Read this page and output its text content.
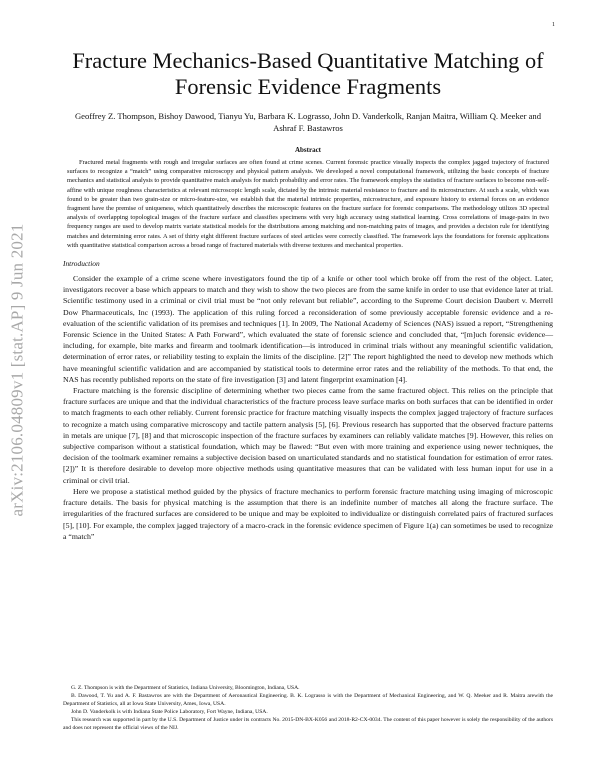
1
arXiv:2106.04809v1 [stat.AP] 9 Jun 2021
Fracture Mechanics-Based Quantitative Matching of Forensic Evidence Fragments
Geoffrey Z. Thompson, Bishoy Dawood, Tianyu Yu, Barbara K. Lograsso, John D. Vanderkolk, Ranjan Maitra, William Q. Meeker and Ashraf F. Bastawros
Abstract
Fractured metal fragments with rough and irregular surfaces are often found at crime scenes. Current forensic practice visually inspects the complex jagged trajectory of fractured surfaces to recognize a “match” using comparative microscopy and physical pattern analysis. We developed a novel computational framework, utilizing the basic concepts of fracture mechanics and statistical analysis to provide quantitative match analysis for match probability and error rates. The framework employs the statistics of fracture surfaces to become non-self-affine with unique roughness characteristics at relevant microscopic length scale, dictated by the intrinsic material resistance to fracture and its microstructure. At such a scale, which was found to be greater than two grain-size or micro-feature-size, we establish that the material intrinsic properties, microstructure, and exposure history to external forces on an evidence fragment have the premise of uniqueness, which quantitatively describes the microscopic features on the fracture surface for forensic comparisons. The methodology utilizes 3D spectral analysis of overlapping topological images of the fracture surface and classifies specimens with very high accuracy using statistical learning. Cross correlations of image-pairs in two frequency ranges are used to develop matrix variate statistical models for the distributions among matching and non-matching pairs of images, and provides a decision rule for identifying matches and determining error rates. A set of thirty eight different fracture surfaces of steel articles were correctly classified. The framework lays the foundations for forensic applications with quantitative statistical comparison across a broad range of fractured materials with diverse textures and mechanical properties.
Introduction

Consider the example of a crime scene where investigators found the tip of a knife or other tool which broke off from the rest of the object. Later, investigators recover a base which appears to match and they wish to show the two pieces are from the same knife in order to use that evidence later at trial. Scientific testimony used in a criminal or civil trial must be “not only relevant but reliable”, according to the Supreme Court decision Daubert v. Merrell Dow Pharmaceuticals, Inc (1993). The application of this ruling forced a reconsideration of some previously acceptable forensic evidence and a re-evaluation of the scientific validation of its premises and techniques [1]. In 2009, The National Academy of Sciences (NAS) issued a report, “Strengthening Forensic Science in the United States: A Path Forward”, which evaluated the state of forensic science and concluded that, “[m]uch forensic evidence—including, for example, bite marks and firearm and toolmark identification—is introduced in criminal trials without any meaningful scientific validation, determination of error rates, or reliability testing to explain the limits of the discipline. [2]” The report highlighted the need to develop new methods which have meaningful scientific validation and are accompanied by statistical tools to determine error rates and the reliability of the methods. To that end, the NAS has recently published reports on the state of fire investigation [3] and latent fingerprint examination [4].

Fracture matching is the forensic discipline of determining whether two pieces came from the same fractured object. This relies on the principle that fracture surfaces are unique and that the individual characteristics of the fracture process leave surface marks on both surfaces that can be identified in order to match fragments to each other reliably. Current forensic practice for fracture matching visually inspects the complex jagged trajectory of fracture surfaces to recognize a match using comparative microscopy and tactile pattern analysis [5], [6]. Previous research has supported that the observed fracture patterns in metals are unique [7], [8] and that microscopic inspection of the fracture surfaces by examiners can reliably validate matches [9]. However, this relies on subjective comparison without a statistical foundation, which may be flawed: “But even with more training and experience using newer techniques, the decision of the toolmark examiner remains a subjective decision based on unarticulated standards and no statistical foundation for estimation of error rates. [2])” It is therefore desirable to develop more objective methods using quantitative measures that can be validated with less human input for use in a criminal or civil trial.

Here we propose a statistical method guided by the physics of fracture mechanics to perform forensic fracture matching using imaging of microscopic fracture details. The basis for physical matching is the assumption that there is an indefinite number of matches all along the fracture surface. The irregularities of the fractured surfaces are considered to be unique and may be exploited to individualize or distinguish correlated pairs of fractured surfaces [5], [10]. For example, the complex jagged trajectory of a macro-crack in the forensic evidence specimen of Figure 1(a) can sometimes be used to recognize a “match”

G. Z. Thompson is with the Department of Statistics, Indiana University, Bloomington, Indiana, USA.

B. Dawood, T. Yu and A. F. Bastawros are with the Department of Aeronautical Engineering. B. K. Lograsso is with the Department of Mechanical Engineering, and W. Q. Meeker and R. Maitra arewith the Department of Statistics, all at Iowa State University, Ames, Iowa, USA.

John D. Vanderkolk is with Indiana State Police Laboratory, Fort Wayne, Indiana, USA.

This research was supported in part by the U.S. Department of Justice under its contracts No. 2015-DN-BX-K056 and 2018-R2-CX-0034. The content of this paper however is solely the responsibility of the authors and does not represent the official views of the NIJ.
